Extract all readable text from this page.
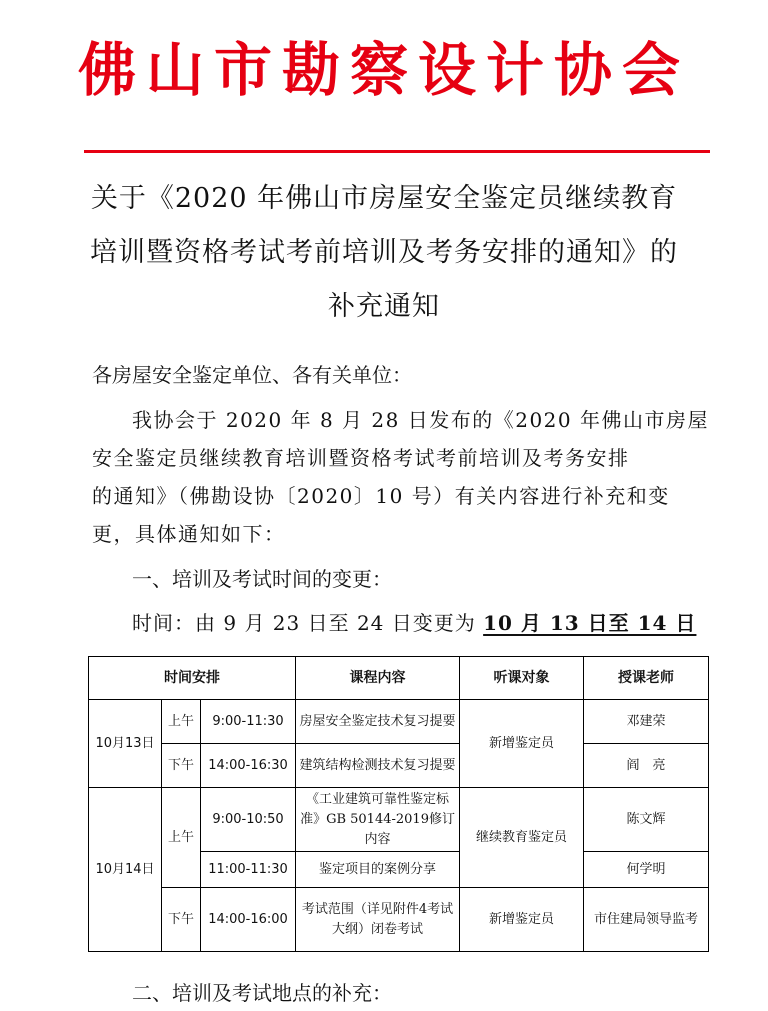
佛山市勘察设计协会
关于《2020 年佛山市房屋安全鉴定员继续教育
培训暨资格考试考前培训及考务安排的通知》的
补充通知
各房屋安全鉴定单位、各有关单位：
我协会于 2020 年 8 月 28 日发布的《2020 年佛山市房屋
安全鉴定员继续教育培训暨资格考试考前培训及考务安排
的通知》（佛勘设协〔2020〕10 号）有关内容进行补充和变
更，具体通知如下：
一、培训及考试时间的变更：
时间：由 9 月 23 日至 24 日变更为 10 月 13 日至 14 日
时间安排			课程内容	听课对象	授课老师
10月13日	上午	9:00-11:30	房屋安全鉴定技术复习提要	新增鉴定员	邓建荣
	下午	14:00-16:30	建筑结构检测技术复习提要		阎　亮
10月14日	上午	9:00-10:50	《工业建筑可靠性鉴定标准》GB 50144-2019修订内容	继续教育鉴定员	陈文辉
		11:00-11:30	鉴定项目的案例分享		何学明
	下午	14:00-16:00	考试范围（详见附件4考试大纲）闭卷考试	新增鉴定员	市住建局领导监考
二、培训及考试地点的补充：
